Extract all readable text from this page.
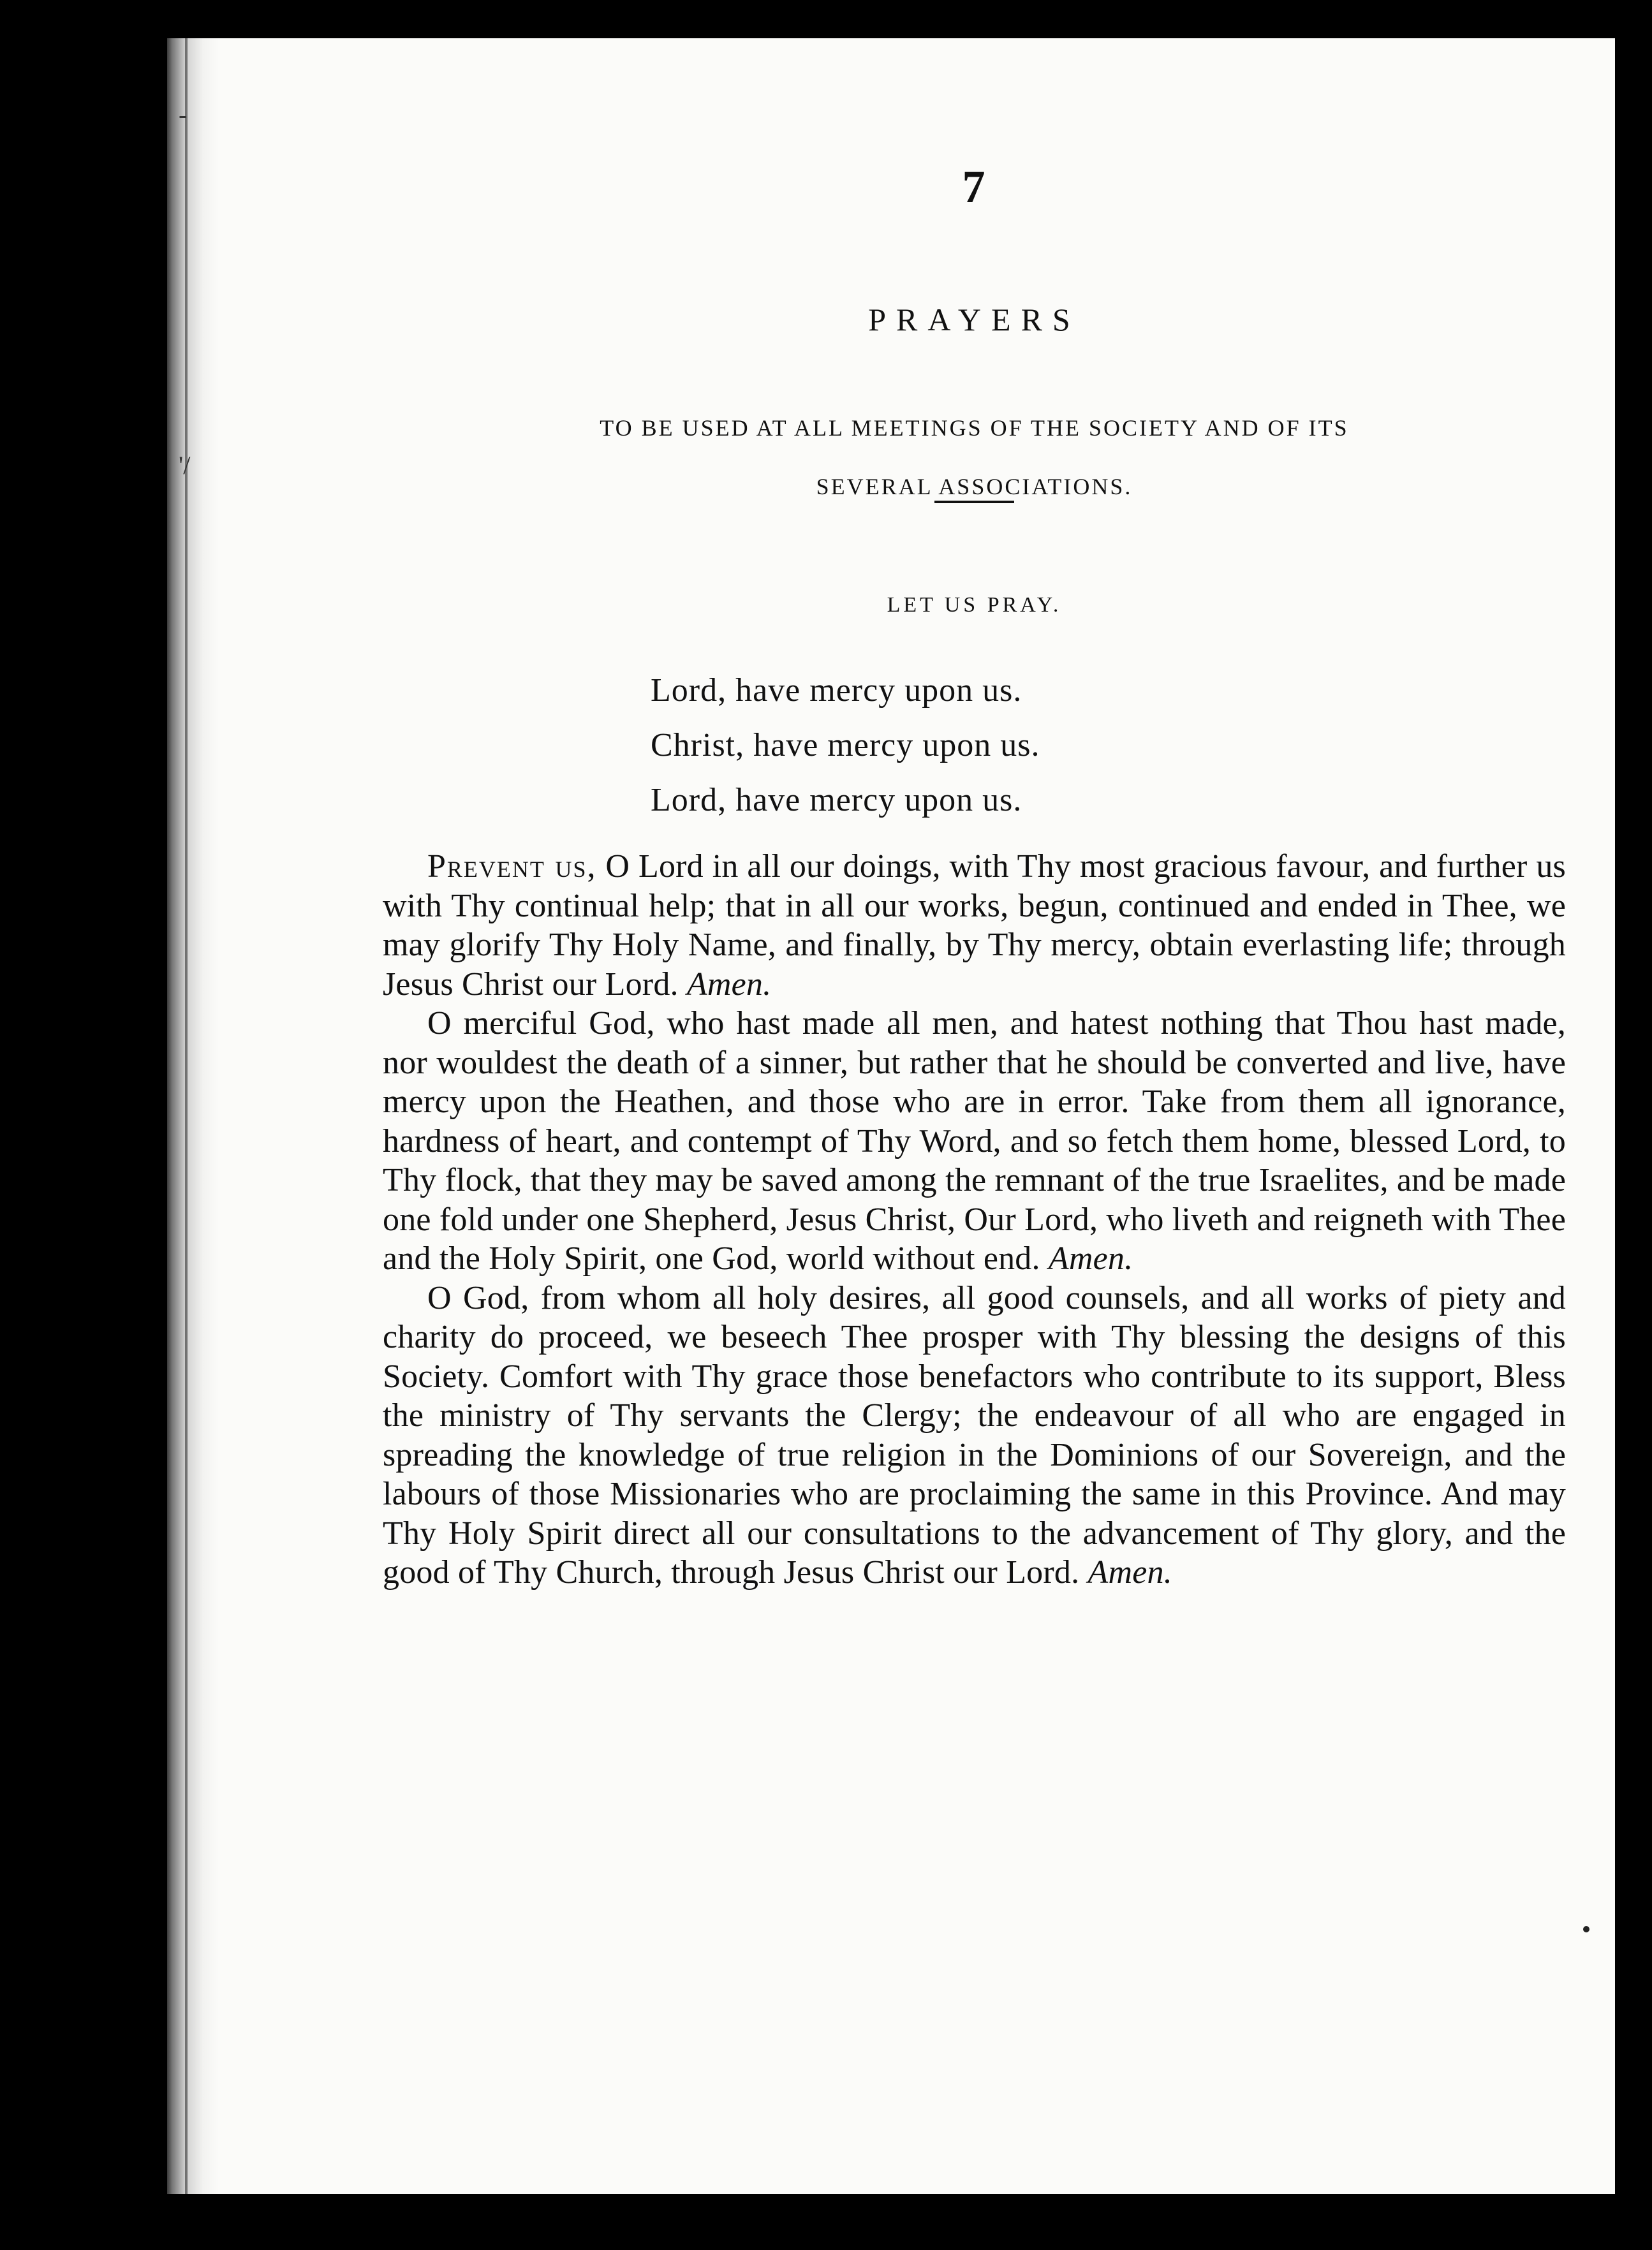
-
'/
7
PRAYERS
TO BE USED AT ALL MEETINGS OF THE SOCIETY AND OF ITS
SEVERAL ASSOCIATIONS.
LET US PRAY.
Lord, have mercy upon us.
Christ, have mercy upon us.
Lord, have mercy upon us.

Prevent us, O Lord in all our doings, with Thy most gracious favour, and further us with Thy continual help; that in all our works, begun, continued and ended in Thee, we may glorify Thy Holy Name, and finally, by Thy mercy, obtain everlasting life; through Jesus Christ our Lord. Amen.

O merciful God, who hast made all men, and hatest nothing that Thou hast made, nor wouldest the death of a sinner, but rather that he should be converted and live, have mercy upon the Heathen, and those who are in error. Take from them all ignorance, hardness of heart, and contempt of Thy Word, and so fetch them home, blessed Lord, to Thy flock, that they may be saved among the remnant of the true Israelites, and be made one fold under one Shepherd, Jesus Christ, Our Lord, who liveth and reigneth with Thee and the Holy Spirit, one God, world without end. Amen.

O God, from whom all holy desires, all good counsels, and all works of piety and charity do proceed, we beseech Thee prosper with Thy blessing the designs of this Society. Comfort with Thy grace those benefactors who contribute to its support, Bless the ministry of Thy servants the Clergy; the endeavour of all who are engaged in spreading the knowledge of true religion in the Dominions of our Sovereign, and the labours of those Missionaries who are proclaiming the same in this Province. And may Thy Holy Spirit direct all our consultations to the advancement of Thy glory, and the good of Thy Church, through Jesus Christ our Lord. Amen.
